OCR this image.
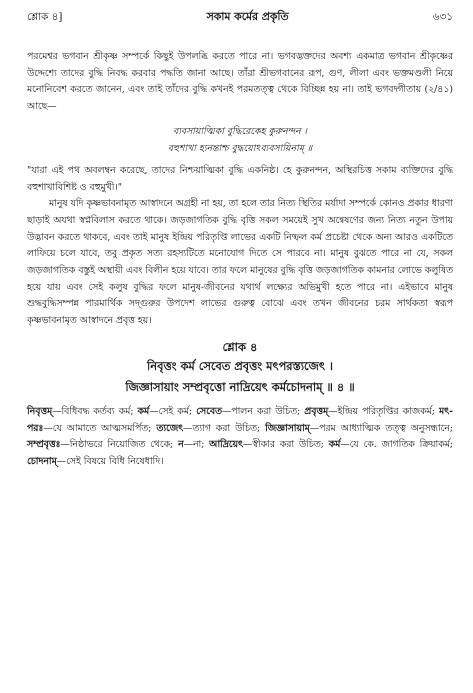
শ্লোক ৪]	সকাম কর্মের প্রকৃতি	৬৩১

পরমেশ্বর ভগবান শ্রীকৃষ্ণ সম্পর্কে কিছুই উপলব্ধি করতে পারে না। ভগবদ্ভক্তদের অবশ্য একমাত্র ভগবান শ্রীকৃষ্ণের উদ্দেশ্যে তাদের বুদ্ধি নিবদ্ধ করবার পদ্ধতি জানা আছে। তাঁরা শ্রীভগবানের রূপ, গুণ, লীলা এবং ভক্তমণ্ডলী নিয়ে মনোনিবেশ করতে জানেন, এবং তাই তাঁদের বুদ্ধি কখনই পরমতত্ত্ব থেকে বিচ্ছিন্ন হয় না। তাই ভগবদ্গীতায় (২/৪১) আছে—

ব্যবসায়াত্মিকা বুদ্ধিরেকেহ কুরুনন্দন ।
বহুশাখা হ্যনন্তাশ্চ বুদ্ধয়োঽব্যবসায়িনাম্ ॥

"যারা এই পথ অবলম্বন করেছে, তাদের নিশ্চয়াত্মিকা বুদ্ধি একনিষ্ঠ। হে কুরুনন্দন, অস্থিরচিত্ত সকাম ব্যক্তিদের বুদ্ধি বহুশাখাবিশিষ্ট ও বহুমুখী।"

মানুষ যদি কৃষ্ণভাবনামৃত আস্বাদনে অগ্রহী না হয়, তা হলে তার নিত্য স্থিতির মর্যাদা সম্পর্কে কোনও প্রকার ধারণা ছাড়াই অযথা স্বপ্নবিলাস করতে থাকে। জড়জাগতিক বুদ্ধি বৃত্তি সকল সময়েই সুখ অন্বেষণের জন্য নিত্য নতুন উপায় উদ্ভাবন করতে থাকবে, এবং তাই মানুষ ইন্দ্রিয় পরিতৃপ্তি লাভের একটি নিষ্ফল কর্ম প্রচেষ্টা থেকে অন্য আরও একটিতে লাফিয়ে চলে যাবে, তবু প্রকৃত সত্য রহস্যটিতে মনোযোগ দিতে সে পারবে না। মানুষ বুঝতে পারে না যে, সকল জড়জাগতিক বস্তুই অস্থায়ী এবং বিলীন হয়ে যাবে। তার ফলে মানুষের বুদ্ধি বৃত্তি জড়জাগতিক কামনার লোভে কলুষিত হয়ে যায় এবং সেই কলুষ বুদ্ধির ফলে মানুষ-জীবনের যথার্থ লক্ষ্যের অভিমুখী হতে পারে না। এইভাবে মানুষ শুদ্ধবুদ্ধিসম্পন্ন পারমার্থিক সদ্গুরুর উপদেশ লাভের গুরুত্ব বোঝে এবং তখন জীবনের চরম সার্থকতা স্বরূপ কৃষ্ণভাবনামৃত আস্বাদনে প্রবৃত্ত হয়।

শ্লোক ৪
নিবৃত্তং কর্ম সেবেত প্রবৃত্তং মৎপরস্ত্যজেৎ ।
জিজ্ঞাসায়াং সম্প্রবৃত্তো নাদ্রিয়েৎ কর্মচোদনাম্ ॥ ৪ ॥

নিবৃত্তম্—বিধিবদ্ধ কর্তব্য কর্ম; কর্ম—সেই কর্ম; সেবেত—পালন করা উচিত; প্রবৃত্তম্—ইন্দ্রিয় পরিতৃপ্তির কাজকর্ম; মৎ-পরঃ—যে আমাতে আত্মসমর্পিত; ত্যজেৎ—ত্যাগ করা উচিত; জিজ্ঞাসায়াম্—পরম আধ্যাত্মিক তত্ত্ব অনুসন্ধানে; সম্প্রবৃত্তঃ—নিষ্ঠাভরে নিয়োজিত থেকে; ন—না; আদ্রিয়েৎ—স্বীকার করা উচিত; কর্ম—যে কে. জাগতিক ক্রিয়াকর্ম; চোদনাম্—সেই বিষয়ে বিধি নিষেধাদি।
